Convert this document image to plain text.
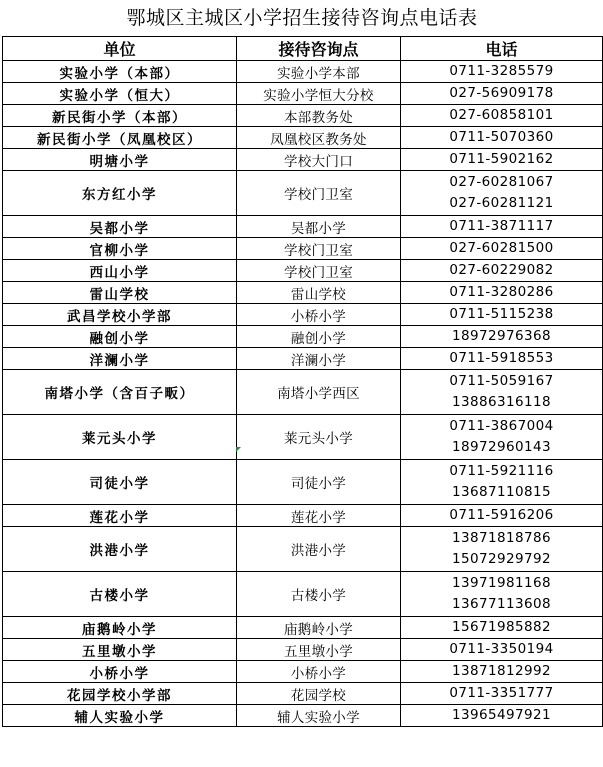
鄂城区主城区小学招生接待咨询点电话表
单位	接待咨询点	电话
实验小学（本部）	实验小学本部	0711-3285579

实验小学（恒大）	实验小学恒大分校	027-56909178

新民街小学（本部）	本部教务处	027-60858101

新民街小学（凤凰校区）	凤凰校区教务处	0711-5070360

明塘小学	学校大门口	0711-5902162

东方红小学	学校门卫室	027-60281067
027-60281121

吴都小学	吴都小学	0711-3871117

官柳小学	学校门卫室	027-60281500

西山小学	学校门卫室	027-60229082

雷山学校	雷山学校	0711-3280286

武昌学校小学部	小桥小学	0711-5115238

融创小学	融创小学	18972976368

洋澜小学	洋澜小学	0711-5918553

南塔小学（含百子畈）	南塔小学西区	0711-5059167
13886316118

莱元头小学	莱元头小学	0711-3867004
18972960143

司徒小学	司徒小学	0711-5921116
13687110815

莲花小学	莲花小学	0711-5916206

洪港小学	洪港小学	13871818786
15072929792

古楼小学	古楼小学	13971981168
13677113608

庙鹅岭小学	庙鹅岭小学	15671985882

五里墩小学	五里墩小学	0711-3350194

小桥小学	小桥小学	13871812992

花园学校小学部	花园学校	0711-3351777

辅人实验小学	辅人实验小学	13965497921
